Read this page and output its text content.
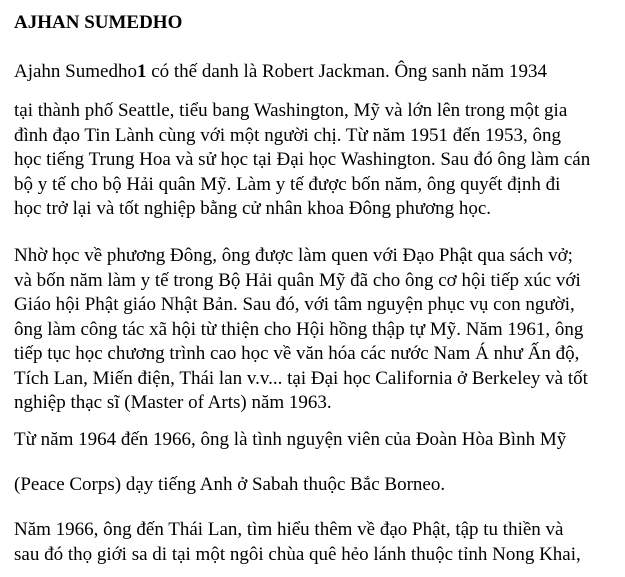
AJHAN SUMEDHO

Ajahn Sumedho1 có thế danh là Robert Jackman. Ông sanh năm 1934

tại thành phố Seattle, tiểu bang Washington, Mỹ và lớn lên trong một gia
đình đạo Tin Lành cùng với một người chị. Từ năm 1951 đến 1953, ông
học tiếng Trung Hoa và sử học tại Đại học Washington. Sau đó ông làm cán
bộ y tế cho bộ Hải quân Mỹ. Làm y tế được bốn năm, ông quyết định đi
học trở lại và tốt nghiệp bằng cử nhân khoa Đông phương học.

Nhờ học về phương Đông, ông được làm quen với Đạo Phật qua sách vở;
và bốn năm làm y tế trong Bộ Hải quân Mỹ đã cho ông cơ hội tiếp xúc với
Giáo hội Phật giáo Nhật Bản. Sau đó, với tâm nguyện phục vụ con người,
ông làm công tác xã hội từ thiện cho Hội hồng thập tự Mỹ. Năm 1961, ông
tiếp tục học chương trình cao học về văn hóa các nước Nam Á như Ấn độ,
Tích Lan, Miến điện, Thái lan v.v... tại Đại học California ở Berkeley và tốt
nghiệp thạc sĩ (Master of Arts) năm 1963.

Từ năm 1964 đến 1966, ông là tình nguyện viên của Đoàn Hòa Bình Mỹ

(Peace Corps) dạy tiếng Anh ở Sabah thuộc Bắc Borneo.

Năm 1966, ông đến Thái Lan, tìm hiểu thêm về đạo Phật, tập tu thiền và
sau đó thọ giới sa di tại một ngôi chùa quê hẻo lánh thuộc tỉnh Nong Khai,
